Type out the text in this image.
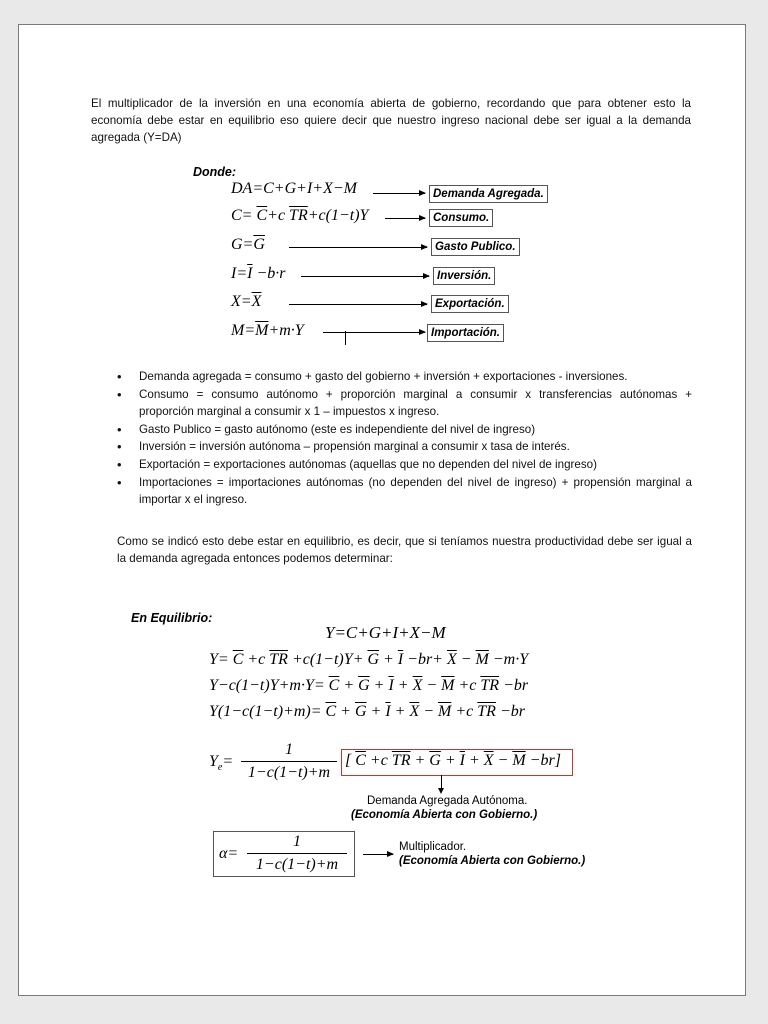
El multiplicador de la inversión en una economía abierta de gobierno, recordando que para obtener esto la economía debe estar en equilibrio eso quiere decir que nuestro ingreso nacional debe ser igual a la demanda agregada (Y=DA)
Donde:
DA=C+G+I+X−M	Demanda Agregada.
$C= \overline{C}+c$ $\overline{TR}+c(1-t)Y$	Consumo.
$G=\overline{G}$	Gasto Publico.
$I=\overline{I} -b\cdot r$	Inversión.
$X=\overline{X}$	Exportación.
$M=\overline{M}+m\cdot Y$	Importación.
• Demanda agregada = consumo + gasto del gobierno + inversión + exportaciones - inversiones.
• Consumo = consumo autónomo + proporción marginal a consumir x transferencias autónomas + proporción marginal a consumir x 1 – impuestos x ingreso.
• Gasto Publico = gasto autónomo (este es independiente del nivel de ingreso)
• Inversión = inversión autónoma – propensión marginal a consumir x tasa de interés.
• Exportación = exportaciones autónomas (aquellas que no dependen del nivel de ingreso)
• Importaciones = importaciones autónomas (no dependen del nivel de ingreso) + propensión marginal a importar x el ingreso.
Como se indicó esto debe estar en equilibrio, es decir, que si teníamos nuestra productividad debe ser igual a la demanda agregada entonces podemos determinar:
En Equilibrio:
Y=C+G+I+X−M
$Y= \overline{C} +c$ $\overline{TR} +c(1-t)Y+ \overline{G} + \overline{I} -br+ \overline{X} - \overline{M} -m\cdot Y$
$Y-c(1-t)Y+m\cdot Y= \overline{C} + \overline{G} + \overline{I} + \overline{X} - \overline{M} +c$ $\overline{TR} -br$
$Y(1-c(1-t)+m)= \overline{C} + \overline{G} + \overline{I} + \overline{X} - \overline{M} +c$ $\overline{TR} -br$
$Y_e=$
1
1−c(1−t)+m
[ $\overline{C} +c$ $\overline{TR} + \overline{G} + \overline{I} + \overline{X} - \overline{M} -br$]
Demanda Agregada Autónoma.
(Economía Abierta con Gobierno.)
α=
1
1−c(1−t)+m
Multiplicador.
(Economía Abierta con Gobierno.)
